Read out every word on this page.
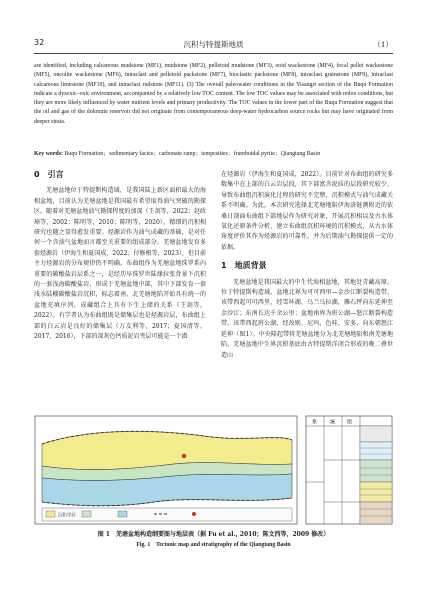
32	沉积与特提斯地质	（1）
are identified, including calcareous mudstone (MF1), mudstone (MF2), pelletoid mudstone (MF3), ooid wackestone (MF4), focal pellet wackestone (MF5), oncolite wackestone (MF6), intraclast and pelletoid packstone (MF7), bioclastic packstone (MF8), intraclast grainstone (MF9), intraclast calcareous limestone (MF10), and intraclast rudstone (MF11). (3) The overall paleowater conditions in the Yisangri section of the Buqu Formation indicate a dysoxic–oxic environment, accompanied by a relatively low TOC content. The low TOC values may be associated with redox conditions, but they are more likely influenced by water nutrient levels and primary productivity. The TOC values in the lower part of the Buqu Formation suggest that the oil and gas of the dolomite reservoir did not originate from contemporaneous deep-water hydrocarbon source rocks but may have originated from deeper strata.
Key words: Buqu Formation；sedimentary facies；carbonate ramp；tempestites；framboidal pyrite；Qiangtang Basin
0　引言

羌塘盆地位于特提斯构造域，是我国陆上新区面积最大的海相盆地，目前认为羌塘盆地是我国最有希望取得油气突破的勘探区。随着对羌塘盆地油气勘探程度的加深（王剑等，2022；赵政璋等，2002；陈明等，2010；陈明等，2020），精细的沉积相研究也随之显得愈发重要。烃源岩作为油气成藏的基础，是对任何一个含油气盆地而言都至关重要的组成部分。羌塘盆地发育多套烃源岩（伊海生和夏国成，2022；付修根等，2023），但目前主力烃源岩的分布规律仍不明确。布曲组作为羌塘盆地侏罗系内重要的碳酸盐岩层系之一，是经历早侏罗世陆缘拉张背景下沉积的一套浅海碳酸盐岩，形成于羌塘盆地中部，其中下部发育一套浅水陆棚碳酸盐岩沉积，标志着南、北羌塘地陷开始具有统一的盆地充填序列，成藏组合上具有下生上储的关系（王剑等，2022）。有学者认为布曲组既是储集层也是烃源岩层，布曲组上部的白云岩是良好的储集层（万友利等，2017；夏国清等，2017，2016），下部的深灰色钙质泥岩夹层可能是一个潜

在烃源岩（伊海生和夏国成，2022）。目前针对布曲组的研究多数集中在上部的白云岩层段，其下部富含泥质的层段研究较少，导致布曲组沉积演化过程的研究不完整，沉积模式与油气成藏关系不明确。为此，本次研究选择北羌塘地陷伊海洛链测附近的依桑日剖面布曲组下部地层作为研究对象，开展沉积相以及古水体氧化还原条件分析，建立布曲组沉积环境的沉积模式，从古水体角度评价其作为烃源岩的可靠性，并为后期油气勘探提供一定的依据。

1　地质背景

羌塘盆地是我国最大的中生代海相盆地，其地处青藏高原，位于特提斯构造域。盆地北界为可可西里—金沙江断裂构造带，该带西起可可西里，经雪环湖、乌兰乌拉湖，雁石坪向东延伸至金沙江；东南长达千余公里；盆地南界为班公湖—怒江断裂构造带，该带西起班公湖，经改则、尼玛、色哇、安多，向东朝怒江延伸（图1）。中央隆起带将羌塘盆地分为北羌塘地陷和南羌塘地陷，羌塘盆地中生界沉积基底由古特提斯洋闭合形成的晚二叠世造山

沉积学区
系	统 组
图 1　羌塘盆地构造纲要图与地层表（据 Fu et al., 2010；陈文西等，2009 修改）
Fig. 1　Tectonic map and stratigraphy of the Qiangtang Basin
